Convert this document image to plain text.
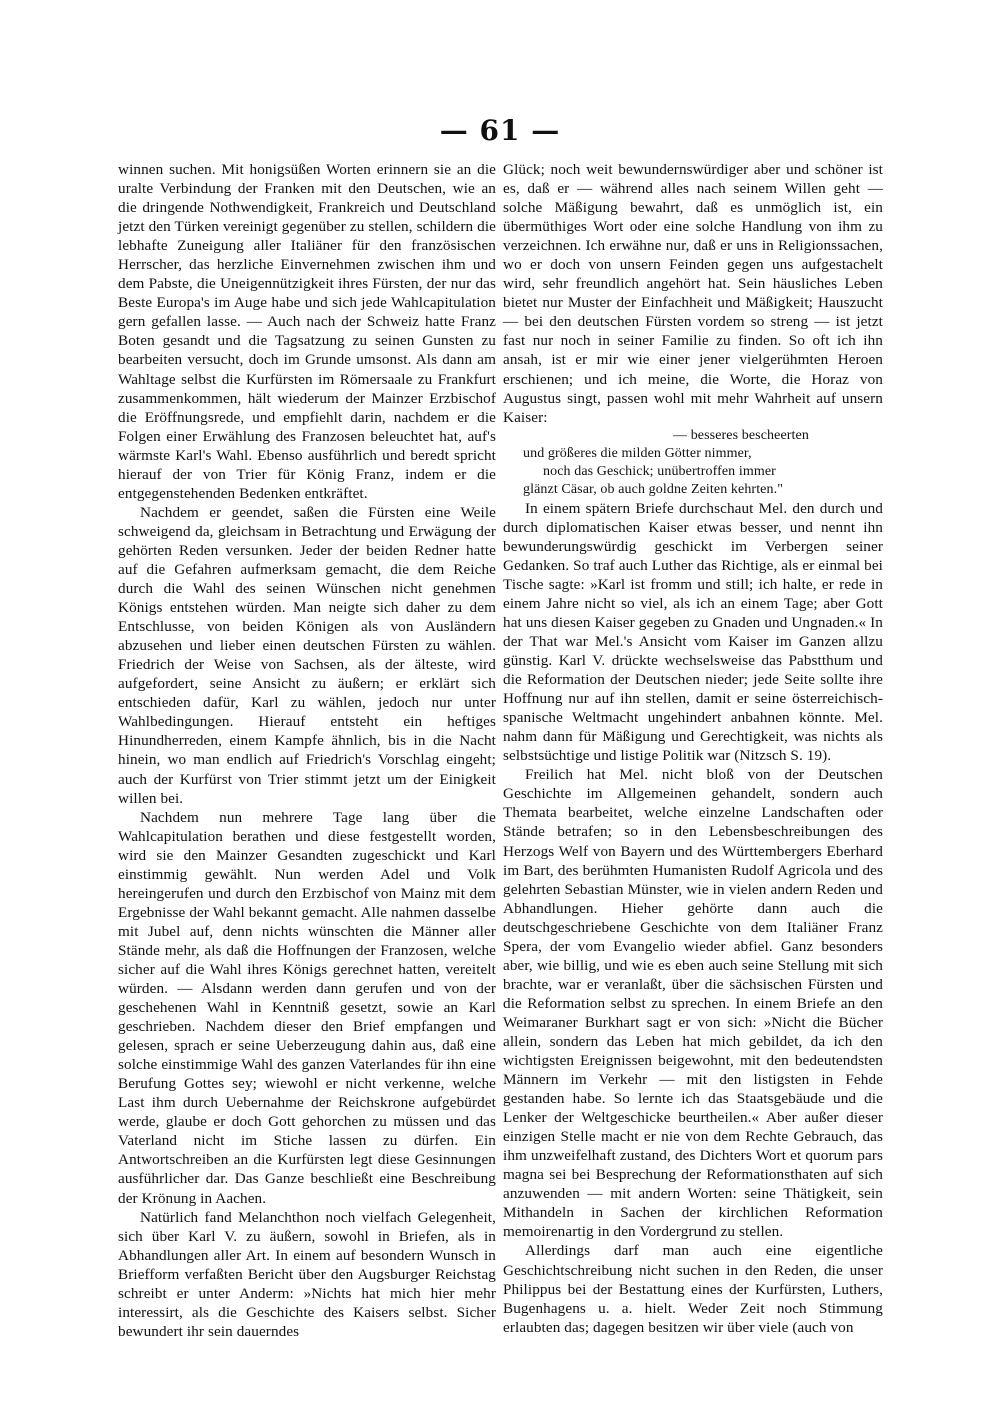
— 61 —

winnen suchen. Mit honigsüßen Worten erinnern sie an die uralte Verbindung der Franken mit den Deutschen, wie an die dringende Nothwendigkeit, Frankreich und Deutschland jetzt den Türken vereinigt gegenüber zu stellen, schildern die lebhafte Zuneigung aller Italiäner für den französischen Herrscher, das herzliche Einvernehmen zwischen ihm und dem Pabste, die Uneigennützigkeit ihres Fürsten, der nur das Beste Europa's im Auge habe und sich jede Wahlcapitulation gern gefallen lasse. — Auch nach der Schweiz hatte Franz Boten gesandt und die Tagsatzung zu seinen Gunsten zu bearbeiten versucht, doch im Grunde umsonst. Als dann am Wahltage selbst die Kurfürsten im Römersaale zu Frankfurt zusammenkommen, hält wiederum der Mainzer Erzbischof die Eröffnungsrede, und empfiehlt darin, nachdem er die Folgen einer Erwählung des Franzosen beleuchtet hat, auf's wärmste Karl's Wahl. Ebenso ausführlich und beredt spricht hierauf der von Trier für König Franz, indem er die entgegenstehenden Bedenken entkräftet.

Nachdem er geendet, saßen die Fürsten eine Weile schweigend da, gleichsam in Betrachtung und Erwägung der gehörten Reden versunken. Jeder der beiden Redner hatte auf die Gefahren aufmerksam gemacht, die dem Reiche durch die Wahl des seinen Wünschen nicht genehmen Königs entstehen würden. Man neigte sich daher zu dem Entschlusse, von beiden Königen als von Ausländern abzusehen und lieber einen deutschen Fürsten zu wählen. Friedrich der Weise von Sachsen, als der älteste, wird aufgefordert, seine Ansicht zu äußern; er erklärt sich entschieden dafür, Karl zu wählen, jedoch nur unter Wahlbedingungen. Hierauf entsteht ein heftiges Hinundherreden, einem Kampfe ähnlich, bis in die Nacht hinein, wo man endlich auf Friedrich's Vorschlag eingeht; auch der Kurfürst von Trier stimmt jetzt um der Einigkeit willen bei.

Nachdem nun mehrere Tage lang über die Wahlcapitulation berathen und diese festgestellt worden, wird sie den Mainzer Gesandten zugeschickt und Karl einstimmig gewählt. Nun werden Adel und Volk hereingerufen und durch den Erzbischof von Mainz mit dem Ergebnisse der Wahl bekannt gemacht. Alle nahmen dasselbe mit Jubel auf, denn nichts wünschten die Männer aller Stände mehr, als daß die Hoffnungen der Franzosen, welche sicher auf die Wahl ihres Königs gerechnet hatten, vereitelt würden. — Alsdann werden dann gerufen und von der geschehenen Wahl in Kenntniß gesetzt, sowie an Karl geschrieben. Nachdem dieser den Brief empfangen und gelesen, sprach er seine Ueberzeugung dahin aus, daß eine solche einstimmige Wahl des ganzen Vaterlandes für ihn eine Berufung Gottes sey; wiewohl er nicht verkenne, welche Last ihm durch Uebernahme der Reichskrone aufgebürdet werde, glaube er doch Gott gehorchen zu müssen und das Vaterland nicht im Stiche lassen zu dürfen. Ein Antwortschreiben an die Kurfürsten legt diese Gesinnungen ausführlicher dar. Das Ganze beschließt eine Beschreibung der Krönung in Aachen.

Natürlich fand Melanchthon noch vielfach Gelegenheit, sich über Karl V. zu äußern, sowohl in Briefen, als in Abhandlungen aller Art. In einem auf besondern Wunsch in Briefform verfaßten Bericht über den Augsburger Reichstag schreibt er unter Anderm: »Nichts hat mich hier mehr interessirt, als die Geschichte des Kaisers selbst. Sicher bewundert ihr sein dauerndes

Glück; noch weit bewundernswürdiger aber und schöner ist es, daß er — während alles nach seinem Willen geht — solche Mäßigung bewahrt, daß es unmöglich ist, ein übermüthiges Wort oder eine solche Handlung von ihm zu verzeichnen. Ich erwähne nur, daß er uns in Religionssachen, wo er doch von unsern Feinden gegen uns aufgestachelt wird, sehr freundlich angehört hat. Sein häusliches Leben bietet nur Muster der Einfachheit und Mäßigkeit; Hauszucht — bei den deutschen Fürsten vordem so streng — ist jetzt fast nur noch in seiner Familie zu finden. So oft ich ihn ansah, ist er mir wie einer jener vielgerühmten Heroen erschienen; und ich meine, die Worte, die Horaz von Augustus singt, passen wohl mit mehr Wahrheit auf unsern Kaiser:

— besseres bescheerten
und größeres die milden Götter nimmer,
noch das Geschick; unübertroffen immer
glänzt Cäsar, ob auch goldne Zeiten kehrten."

In einem spätern Briefe durchschaut Mel. den durch und durch diplomatischen Kaiser etwas besser, und nennt ihn bewunderungswürdig geschickt im Verbergen seiner Gedanken. So traf auch Luther das Richtige, als er einmal bei Tische sagte: »Karl ist fromm und still; ich halte, er rede in einem Jahre nicht so viel, als ich an einem Tage; aber Gott hat uns diesen Kaiser gegeben zu Gnaden und Ungnaden.« In der That war Mel.'s Ansicht vom Kaiser im Ganzen allzu günstig. Karl V. drückte wechselsweise das Pabstthum und die Reformation der Deutschen nieder; jede Seite sollte ihre Hoffnung nur auf ihn stellen, damit er seine österreichisch-spanische Weltmacht ungehindert anbahnen könnte. Mel. nahm dann für Mäßigung und Gerechtigkeit, was nichts als selbstsüchtige und listige Politik war (Nitzsch S. 19).

Freilich hat Mel. nicht bloß von der Deutschen Geschichte im Allgemeinen gehandelt, sondern auch Themata bearbeitet, welche einzelne Landschaften oder Stände betrafen; so in den Lebensbeschreibungen des Herzogs Welf von Bayern und des Württembergers Eberhard im Bart, des berühmten Humanisten Rudolf Agricola und des gelehrten Sebastian Münster, wie in vielen andern Reden und Abhandlungen. Hieher gehörte dann auch die deutschgeschriebene Geschichte von dem Italiäner Franz Spera, der vom Evangelio wieder abfiel. Ganz besonders aber, wie billig, und wie es eben auch seine Stellung mit sich brachte, war er veranlaßt, über die sächsischen Fürsten und die Reformation selbst zu sprechen. In einem Briefe an den Weimaraner Burkhart sagt er von sich: »Nicht die Bücher allein, sondern das Leben hat mich gebildet, da ich den wichtigsten Ereignissen beigewohnt, mit den bedeutendsten Männern im Verkehr — mit den listigsten in Fehde gestanden habe. So lernte ich das Staatsgebäude und die Lenker der Weltgeschicke beurtheilen.« Aber außer dieser einzigen Stelle macht er nie von dem Rechte Gebrauch, das ihm unzweifelhaft zustand, des Dichters Wort et quorum pars magna sei bei Besprechung der Reformationsthaten auf sich anzuwenden — mit andern Worten: seine Thätigkeit, sein Mithandeln in Sachen der kirchlichen Reformation memoirenartig in den Vordergrund zu stellen.

Allerdings darf man auch eine eigentliche Geschichtschreibung nicht suchen in den Reden, die unser Philippus bei der Bestattung eines der Kurfürsten, Luthers, Bugenhagens u. a. hielt. Weder Zeit noch Stimmung erlaubten das; dagegen besitzen wir über viele (auch von
